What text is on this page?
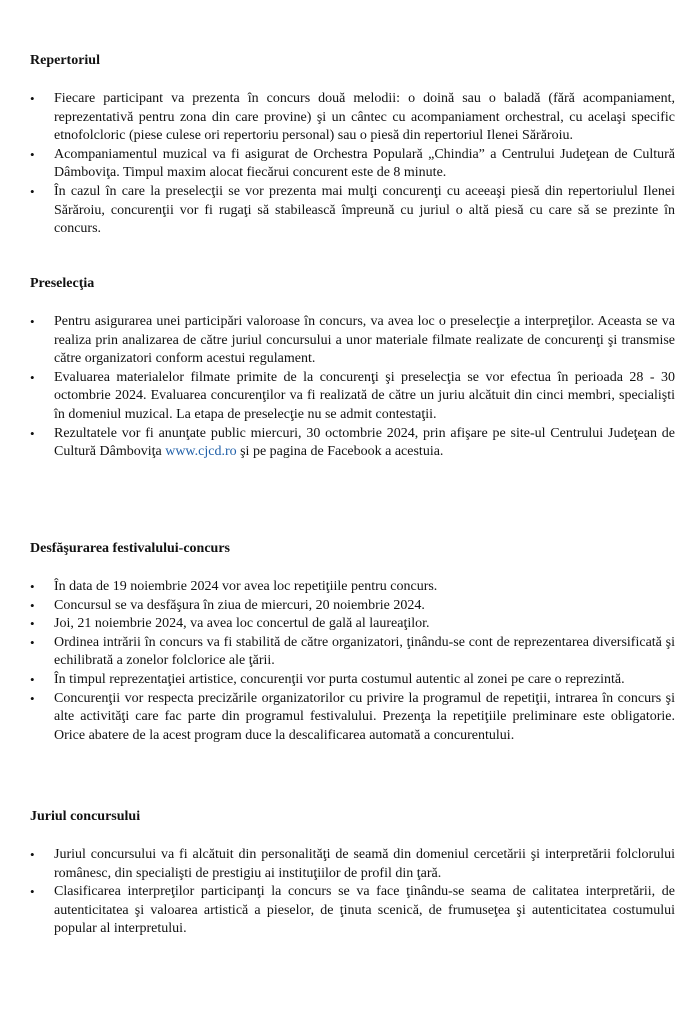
Repertoriul
• Fiecare participant va prezenta în concurs două melodii: o doină sau o baladă (fără acompaniament, reprezentativă pentru zona din care provine) şi un cântec cu acompaniament orchestral, cu acelaşi specific etnofolcloric (piese culese ori repertoriu personal) sau o piesă din repertoriul Ilenei Sărăroiu.
• Acompaniamentul muzical va fi asigurat de Orchestra Populară „Chindia” a Centrului Judeţean de Cultură Dâmboviţa. Timpul maxim alocat fiecărui concurent este de 8 minute.
• În cazul în care la preselecţii se vor prezenta mai mulţi concurenţi cu aceeaşi piesă din repertoriulul Ilenei Sărăroiu, concurenţii vor fi rugaţi să stabilească împreună cu juriul o altă piesă cu care să se prezinte în concurs.
Preselecţia
• Pentru asigurarea unei participări valoroase în concurs, va avea loc o preselecţie a interpreţilor. Aceasta se va realiza prin analizarea de către juriul concursului a unor materiale filmate realizate de concurenţi şi transmise către organizatori conform acestui regulament.
• Evaluarea materialelor filmate primite de la concurenţi şi preselecţia se vor efectua în perioada 28 - 30 octombrie 2024. Evaluarea concurenţilor va fi realizată de către un juriu alcătuit din cinci membri, specialişti în domeniul muzical. La etapa de preselecţie nu se admit contestaţii.
• Rezultatele vor fi anunţate public miercuri, 30 octombrie 2024, prin afişare pe site-ul Centrului Judeţean de Cultură Dâmboviţa www.cjcd.ro şi pe pagina de Facebook a acestuia.
Desfăşurarea festivalului-concurs
• În data de 19 noiembrie 2024 vor avea loc repetiţiile pentru concurs.
• Concursul se va desfăşura în ziua de miercuri, 20 noiembrie 2024.
• Joi, 21 noiembrie 2024, va avea loc concertul de gală al laureaţilor.
• Ordinea intrării în concurs va fi stabilită de către organizatori, ţinându-se cont de reprezentarea diversificată şi echilibrată a zonelor folclorice ale ţării.
• În timpul reprezentaţiei artistice, concurenţii vor purta costumul autentic al zonei pe care o reprezintă.
• Concurenţii vor respecta precizările organizatorilor cu privire la programul de repetiţii, intrarea în concurs şi alte activităţi care fac parte din programul festivalului. Prezenţa la repetiţiile preliminare este obligatorie. Orice abatere de la acest program duce la descalificarea automată a concurentului.
Juriul concursului
• Juriul concursului va fi alcătuit din personalităţi de seamă din domeniul cercetării şi interpretării folclorului românesc, din specialişti de prestigiu ai instituţiilor de profil din ţară.
• Clasificarea interpreţilor participanţi la concurs se va face ţinându-se seama de calitatea interpretării, de autenticitatea şi valoarea artistică a pieselor, de ţinuta scenică, de frumuseţea şi autenticitatea costumului popular al interpretului.
